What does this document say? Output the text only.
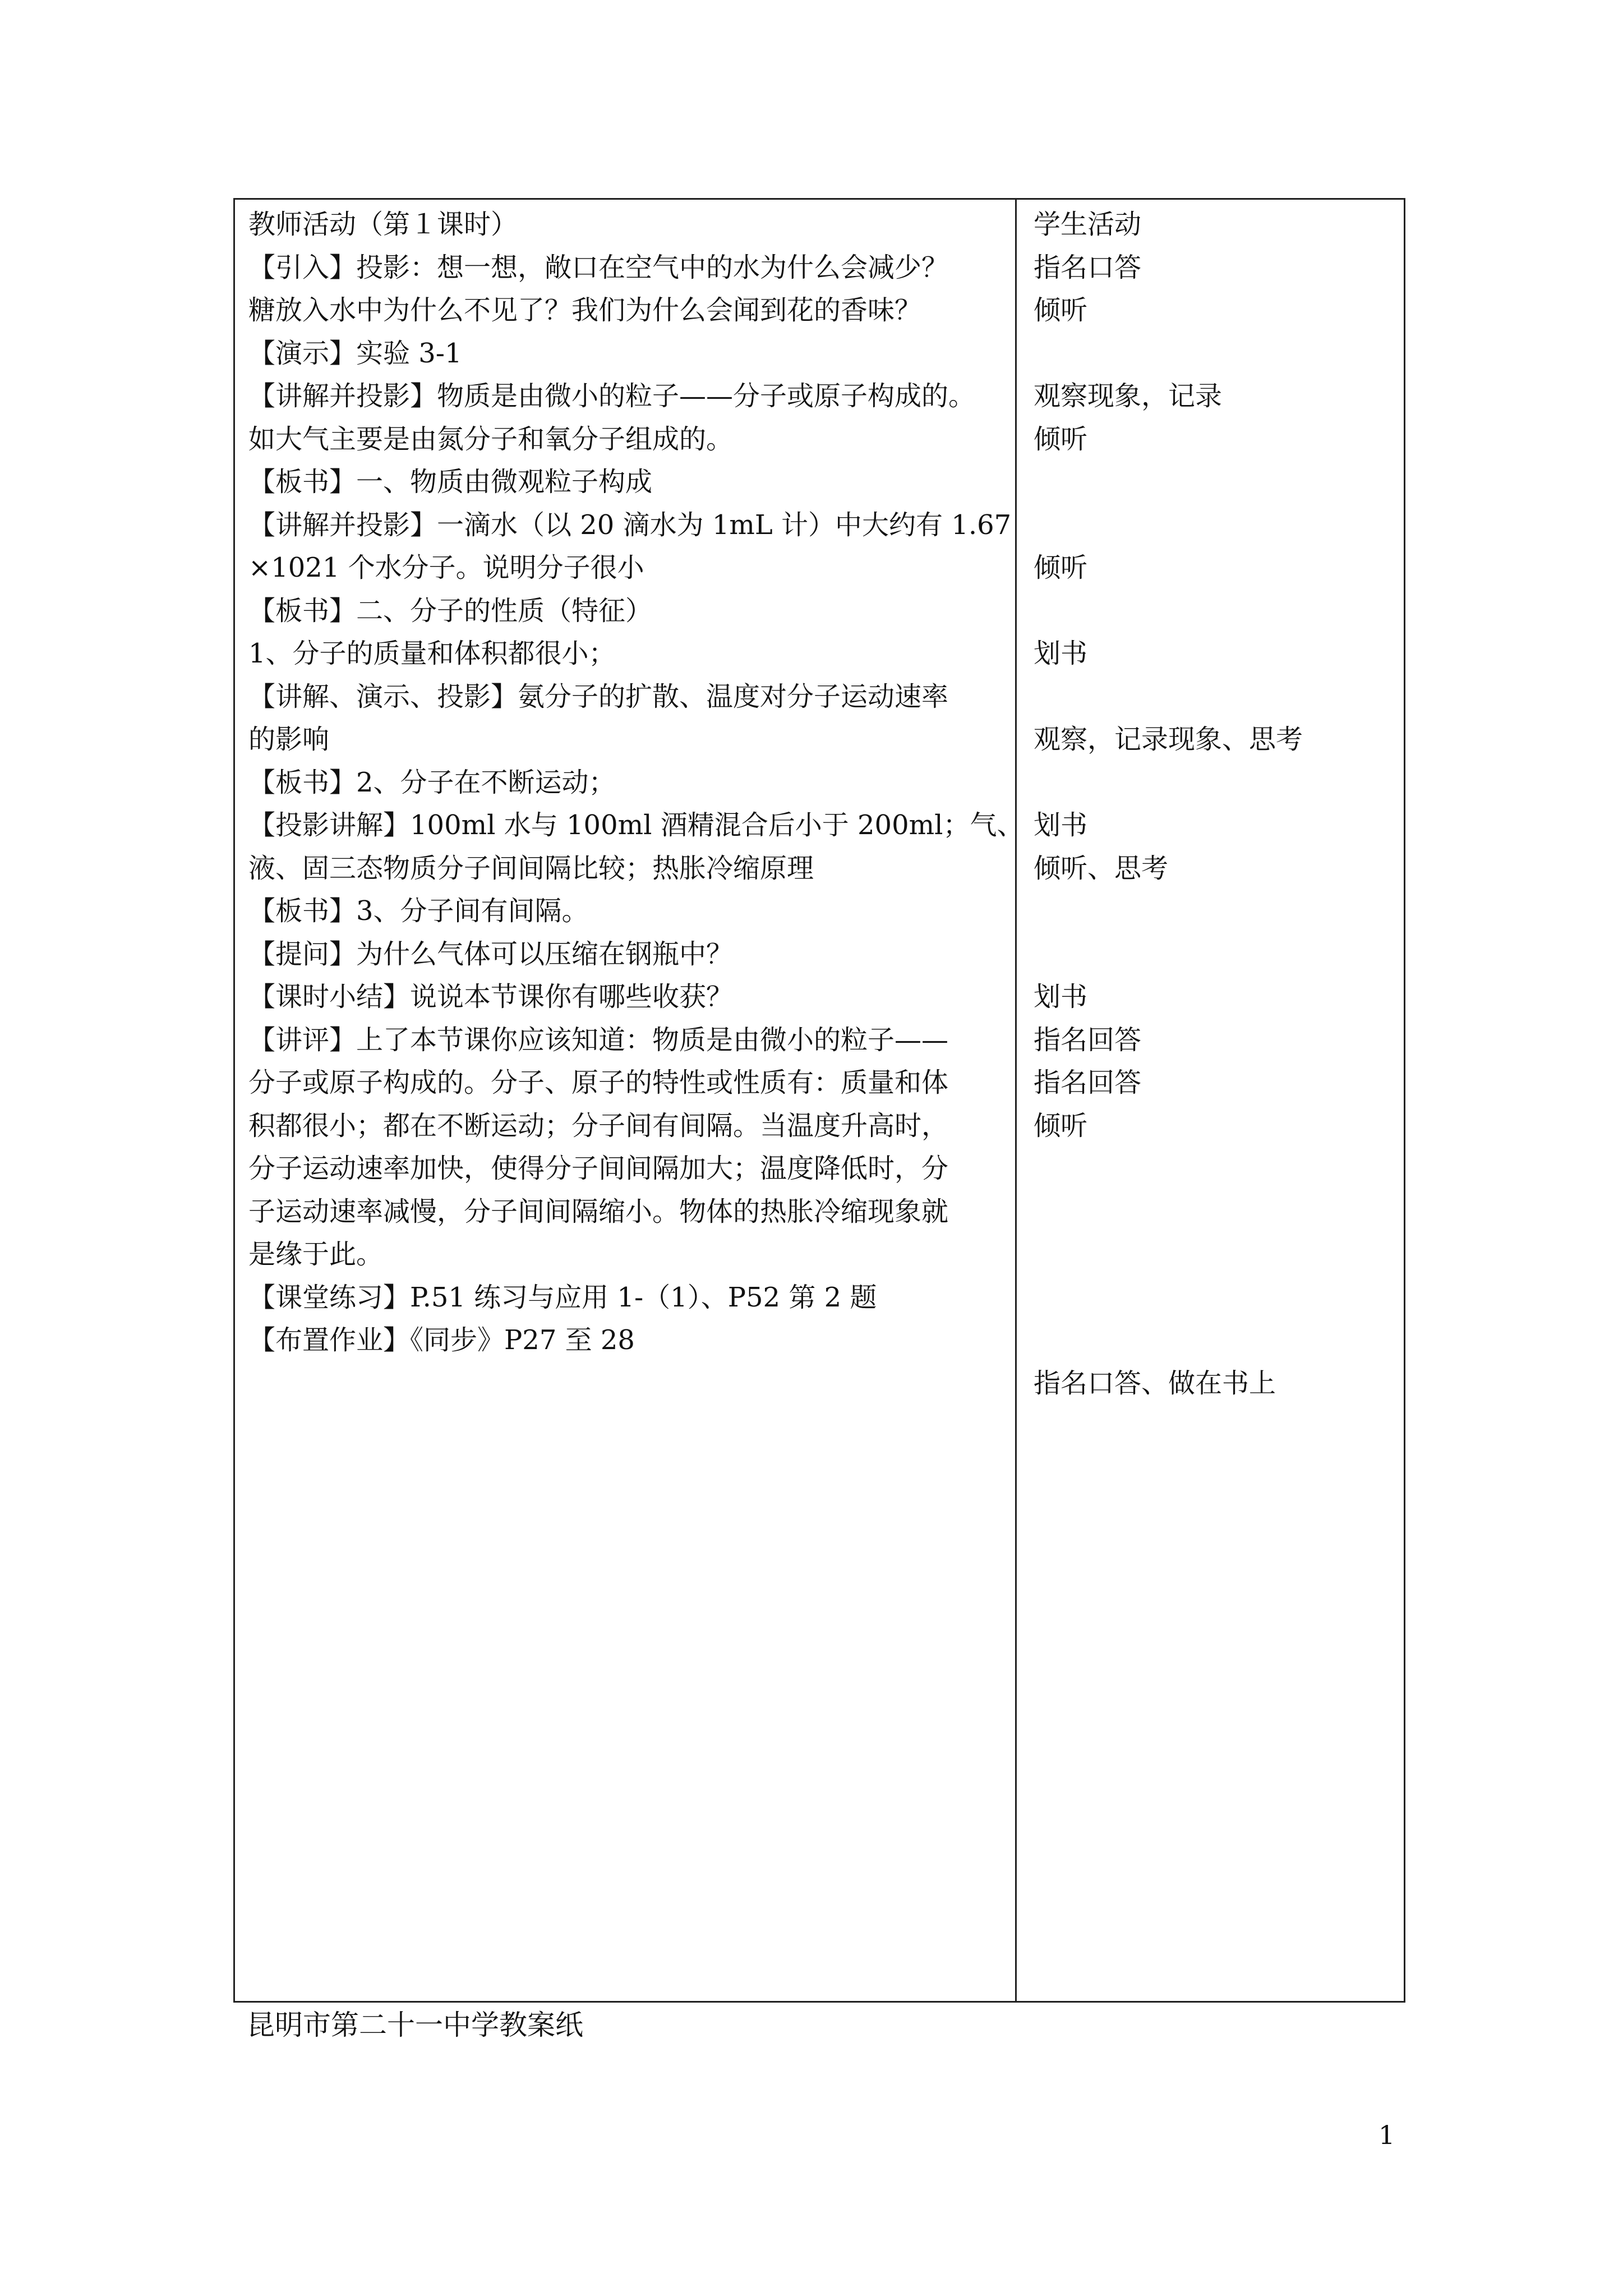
教师活动（第１课时）
【引入】投影：想一想，敞口在空气中的水为什么会减少？
糖放入水中为什么不见了？我们为什么会闻到花的香味？
【演示】实验 3-1
【讲解并投影】物质是由微小的粒子——分子或原子构成的。
如大气主要是由氮分子和氧分子组成的。
【板书】一、物质由微观粒子构成
【讲解并投影】一滴水（以 20 滴水为 1mL 计）中大约有 1.67
×1021 个水分子。说明分子很小
【板书】二、分子的性质（特征）
1、分子的质量和体积都很小；
【讲解、演示、投影】氨分子的扩散、温度对分子运动速率
的影响
【板书】2、分子在不断运动；
【投影讲解】100ml 水与 100ml 酒精混合后小于 200ml；气、
液、固三态物质分子间间隔比较；热胀冷缩原理
【板书】3、分子间有间隔。
【提问】为什么气体可以压缩在钢瓶中？
【课时小结】说说本节课你有哪些收获？
【讲评】上了本节课你应该知道：物质是由微小的粒子——
分子或原子构成的。分子、原子的特性或性质有：质量和体
积都很小；都在不断运动；分子间有间隔。当温度升高时，
分子运动速率加快，使得分子间间隔加大；温度降低时，分
子运动速率减慢，分子间间隔缩小。物体的热胀冷缩现象就
是缘于此。
【课堂练习】P.51 练习与应用 1-（1）、P52 第 2 题
【布置作业】《同步》P27 至 28
学生活动
指名口答
倾听
观察现象，记录
倾听
倾听
划书
观察，记录现象、思考
划书
倾听、思考
划书
指名回答
指名回答
倾听
指名口答、做在书上
昆明市第二十一中学教案纸
1
